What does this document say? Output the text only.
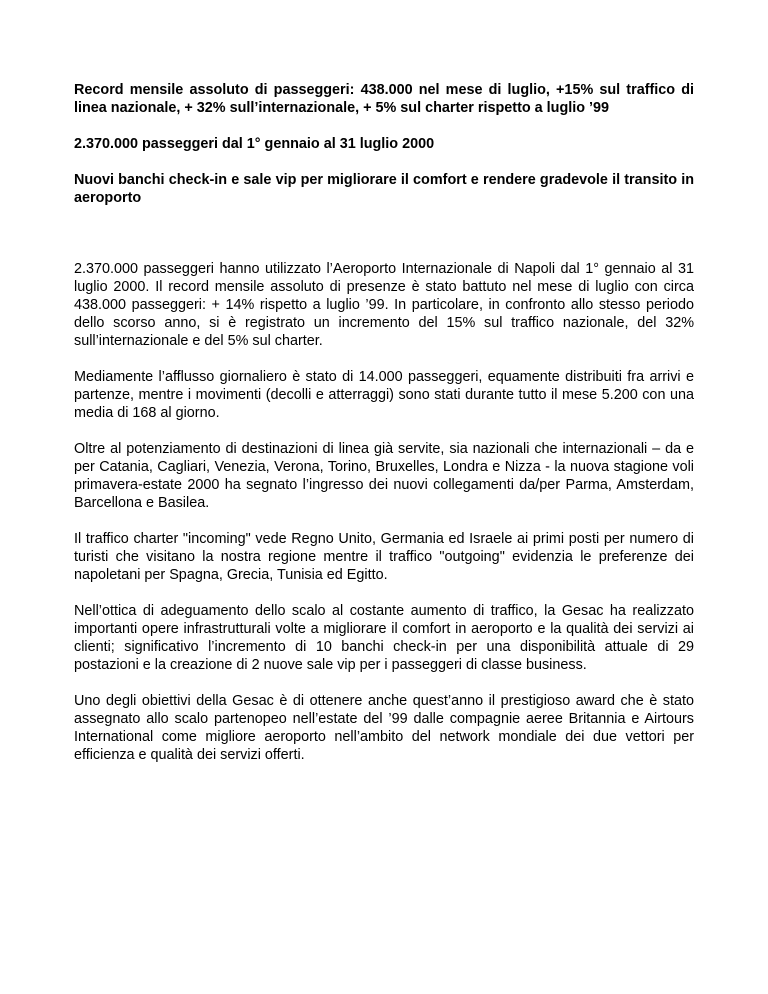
Record mensile assoluto di passeggeri: 438.000 nel mese di luglio, +15% sul traffico di linea nazionale, + 32% sull’internazionale, + 5% sul charter rispetto a luglio ’99

2.370.000 passeggeri dal 1° gennaio al 31 luglio 2000

Nuovi banchi check-in e sale vip per migliorare il comfort e rendere gradevole il transito in aeroporto

2.370.000 passeggeri hanno utilizzato l’Aeroporto Internazionale di Napoli dal 1° gennaio al 31 luglio 2000. Il record mensile assoluto di presenze è stato battuto nel mese di luglio con circa 438.000 passeggeri: + 14% rispetto a luglio ’99. In particolare, in confronto allo stesso periodo dello scorso anno, si è registrato un incremento del 15% sul traffico nazionale, del 32% sull’internazionale e del 5% sul charter.

Mediamente l’afflusso giornaliero è stato di 14.000 passeggeri, equamente distribuiti fra arrivi e partenze, mentre i movimenti (decolli e atterraggi) sono stati durante tutto il mese 5.200 con una media di 168 al giorno.

Oltre al potenziamento di destinazioni di linea già servite, sia nazionali che internazionali – da e per Catania, Cagliari, Venezia, Verona, Torino, Bruxelles, Londra e Nizza - la nuova stagione voli primavera-estate 2000 ha segnato l’ingresso dei nuovi collegamenti da/per Parma, Amsterdam, Barcellona e Basilea.

Il traffico charter "incoming" vede Regno Unito, Germania ed Israele ai primi posti per numero di turisti che visitano la nostra regione mentre il traffico "outgoing" evidenzia le preferenze dei napoletani per Spagna, Grecia, Tunisia ed Egitto.

Nell’ottica di adeguamento dello scalo al costante aumento di traffico, la Gesac ha realizzato importanti opere infrastrutturali volte a migliorare il comfort in aeroporto e la qualità dei servizi ai clienti; significativo l’incremento di 10 banchi check-in per una disponibilità attuale di 29 postazioni e la creazione di 2 nuove sale vip per i passeggeri di classe business.

Uno degli obiettivi della Gesac è di ottenere anche quest’anno il prestigioso award che è stato assegnato allo scalo partenopeo nell’estate del ’99 dalle compagnie aeree Britannia e Airtours International come migliore aeroporto nell’ambito del network mondiale dei due vettori per efficienza e qualità dei servizi offerti.
